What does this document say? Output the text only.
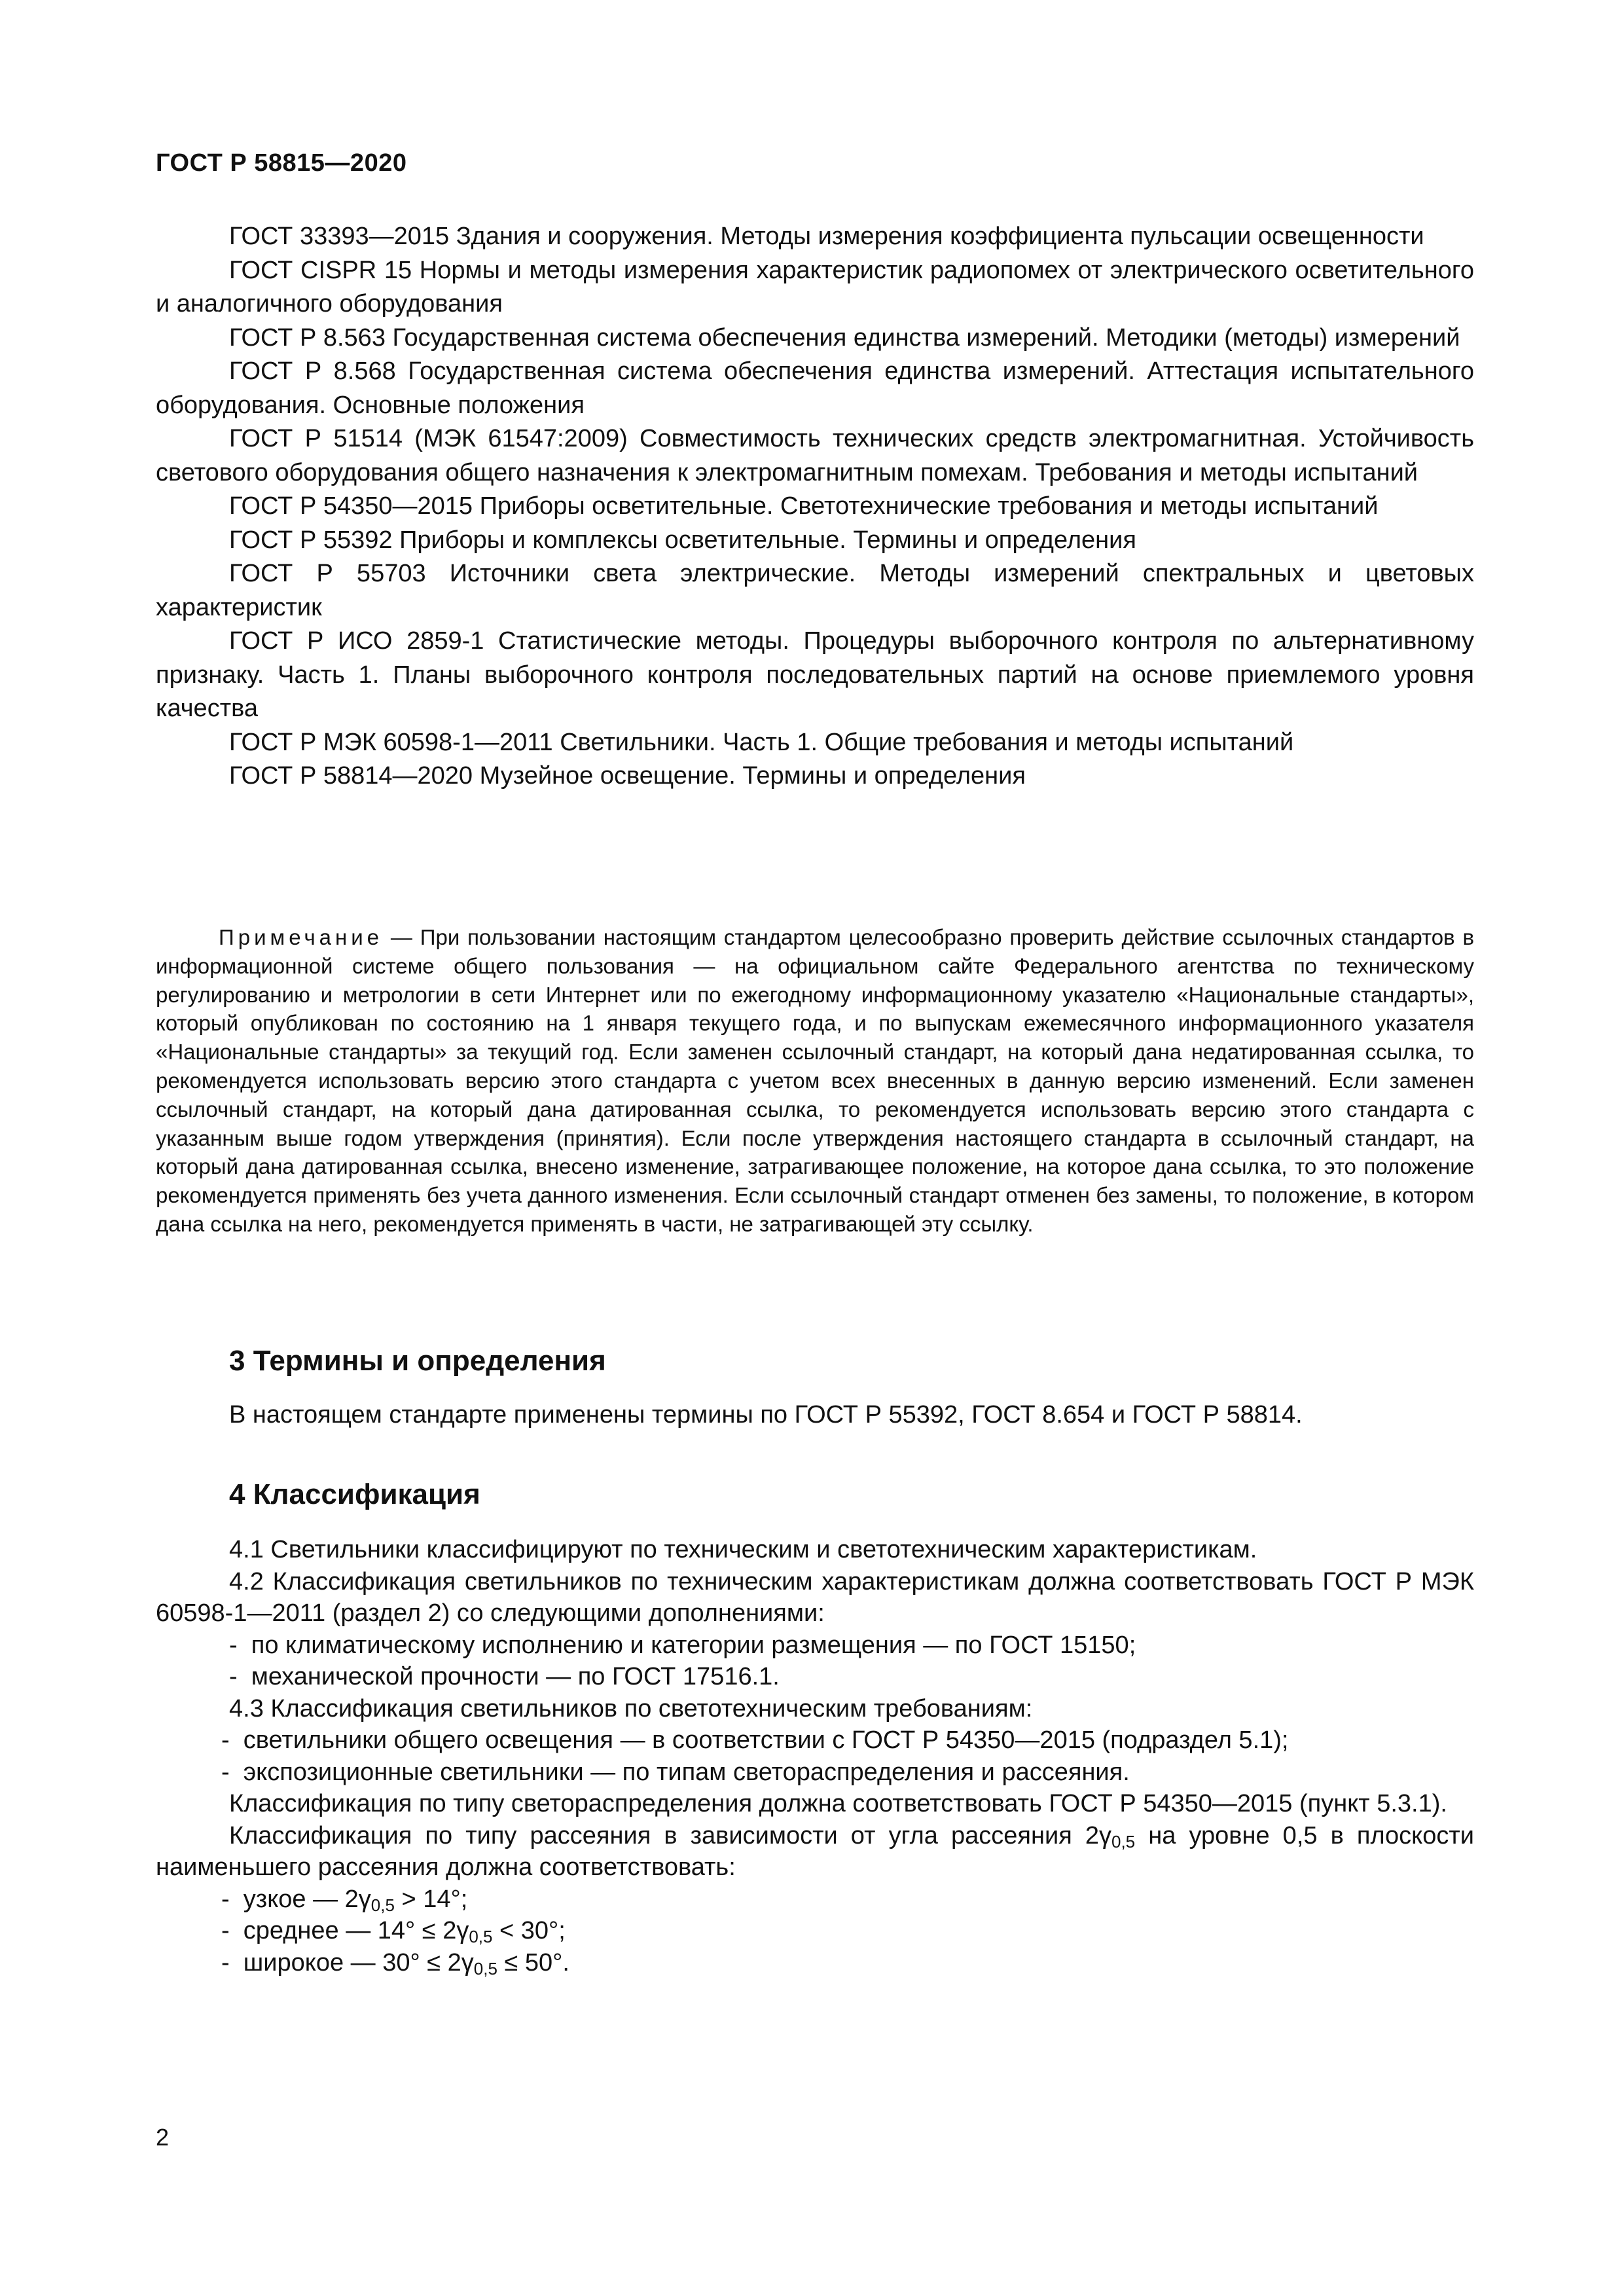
ГОСТ Р 58815—2020

ГОСТ 33393—2015 Здания и сооружения. Методы измерения коэффициента пульсации освещенности

ГОСТ CISPR 15 Нормы и методы измерения характеристик радиопомех от электрического осветительного и аналогичного оборудования

ГОСТ Р 8.563 Государственная система обеспечения единства измерений. Методики (методы) измерений

ГОСТ Р 8.568 Государственная система обеспечения единства измерений. Аттестация испытательного оборудования. Основные положения

ГОСТ Р 51514 (МЭК 61547:2009) Совместимость технических средств электромагнитная. Устойчивость светового оборудования общего назначения к электромагнитным помехам. Требования и методы испытаний

ГОСТ Р 54350—2015 Приборы осветительные. Светотехнические требования и методы испытаний

ГОСТ Р 55392 Приборы и комплексы осветительные. Термины и определения

ГОСТ Р 55703 Источники света электрические. Методы измерений спектральных и цветовых характеристик

ГОСТ Р ИСО 2859-1 Статистические методы. Процедуры выборочного контроля по альтернативному признаку. Часть 1. Планы выборочного контроля последовательных партий на основе приемлемого уровня качества

ГОСТ Р МЭК 60598-1—2011 Светильники. Часть 1. Общие требования и методы испытаний

ГОСТ Р 58814—2020 Музейное освещение. Термины и определения

Примечание — При пользовании настоящим стандартом целесообразно проверить действие ссылочных стандартов в информационной системе общего пользования — на официальном сайте Федерального агентства по техническому регулированию и метрологии в сети Интернет или по ежегодному информационному указателю «Национальные стандарты», который опубликован по состоянию на 1 января текущего года, и по выпускам ежемесячного информационного указателя «Национальные стандарты» за текущий год. Если заменен ссылочный стандарт, на который дана недатированная ссылка, то рекомендуется использовать версию этого стандарта с учетом всех внесенных в данную версию изменений. Если заменен ссылочный стандарт, на который дана датированная ссылка, то рекомендуется использовать версию этого стандарта с указанным выше годом утверждения (принятия). Если после утверждения настоящего стандарта в ссылочный стандарт, на который дана датированная ссылка, внесено изменение, затрагивающее положение, на которое дана ссылка, то это положение рекомендуется применять без учета данного изменения. Если ссылочный стандарт отменен без замены, то положение, в котором дана ссылка на него, рекомендуется применять в части, не затрагивающей эту ссылку.

3 Термины и определения

В настоящем стандарте применены термины по ГОСТ Р 55392, ГОСТ 8.654 и ГОСТ Р 58814.

4 Классификация

4.1 Светильники классифицируют по техническим и светотехническим характеристикам.

4.2 Классификация светильников по техническим характеристикам должна соответствовать ГОСТ Р МЭК 60598-1—2011 (раздел 2) со следующими дополнениями:

- по климатическому исполнению и категории размещения — по ГОСТ 15150;

- механической прочности — по ГОСТ 17516.1.

4.3 Классификация светильников по светотехническим требованиям:

- светильники общего освещения — в соответствии с ГОСТ Р 54350—2015 (подраздел 5.1);

- экспозиционные светильники — по типам светораспределения и рассеяния.

Классификация по типу светораспределения должна соответствовать ГОСТ Р 54350—2015 (пункт 5.3.1).

Классификация по типу рассеяния в зависимости от угла рассеяния $2\gamma_{0,5}$ на уровне 0,5 в плоскости наименьшего рассеяния должна соответствовать:

- узкое — $2\gamma_{0,5} > 14^\circ$;

- среднее — $14^\circ \le 2\gamma_{0,5} < 30^\circ$;

- широкое — $30^\circ \le 2\gamma_{0,5} \le 50^\circ$.

2
